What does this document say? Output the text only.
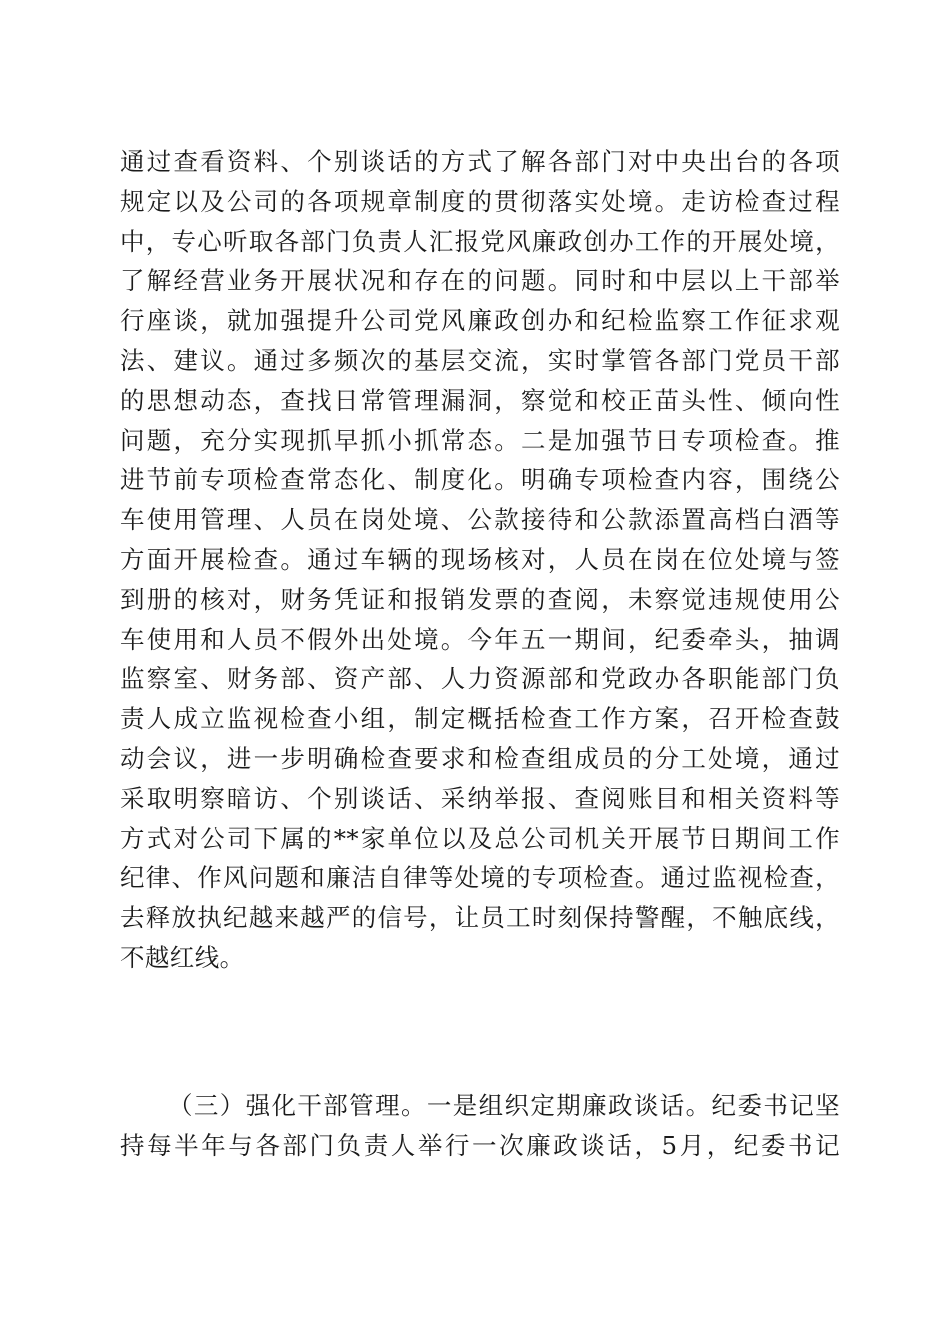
通过查看资料、个别谈话的方式了解各部门对中央出台的各项
规定以及公司的各项规章制度的贯彻落实处境。走访检查过程
中，专心听取各部门负责人汇报党风廉政创办工作的开展处境，
了解经营业务开展状况和存在的问题。同时和中层以上干部举
行座谈，就加强提升公司党风廉政创办和纪检监察工作征求观
法、建议。通过多频次的基层交流，实时掌管各部门党员干部
的思想动态，查找日常管理漏洞，察觉和校正苗头性、倾向性
问题，充分实现抓早抓小抓常态。二是加强节日专项检查。推
进节前专项检查常态化、制度化。明确专项检查内容，围绕公
车使用管理、人员在岗处境、公款接待和公款添置高档白酒等
方面开展检查。通过车辆的现场核对，人员在岗在位处境与签
到册的核对，财务凭证和报销发票的查阅，未察觉违规使用公
车使用和人员不假外出处境。今年五一期间，纪委牵头，抽调
监察室、财务部、资产部、人力资源部和党政办各职能部门负
责人成立监视检查小组，制定概括检查工作方案，召开检查鼓
动会议，进一步明确检查要求和检查组成员的分工处境，通过
采取明察暗访、个别谈话、采纳举报、查阅账目和相关资料等
方式对公司下属的**家单位以及总公司机关开展节日期间工作
纪律、作风问题和廉洁自律等处境的专项检查。通过监视检查，
去释放执纪越来越严的信号，让员工时刻保持警醒，不触底线，
不越红线。
（三）强化干部管理。一是组织定期廉政谈话。纪委书记坚
持每半年与各部门负责人举行一次廉政谈话，5月，纪委书记
